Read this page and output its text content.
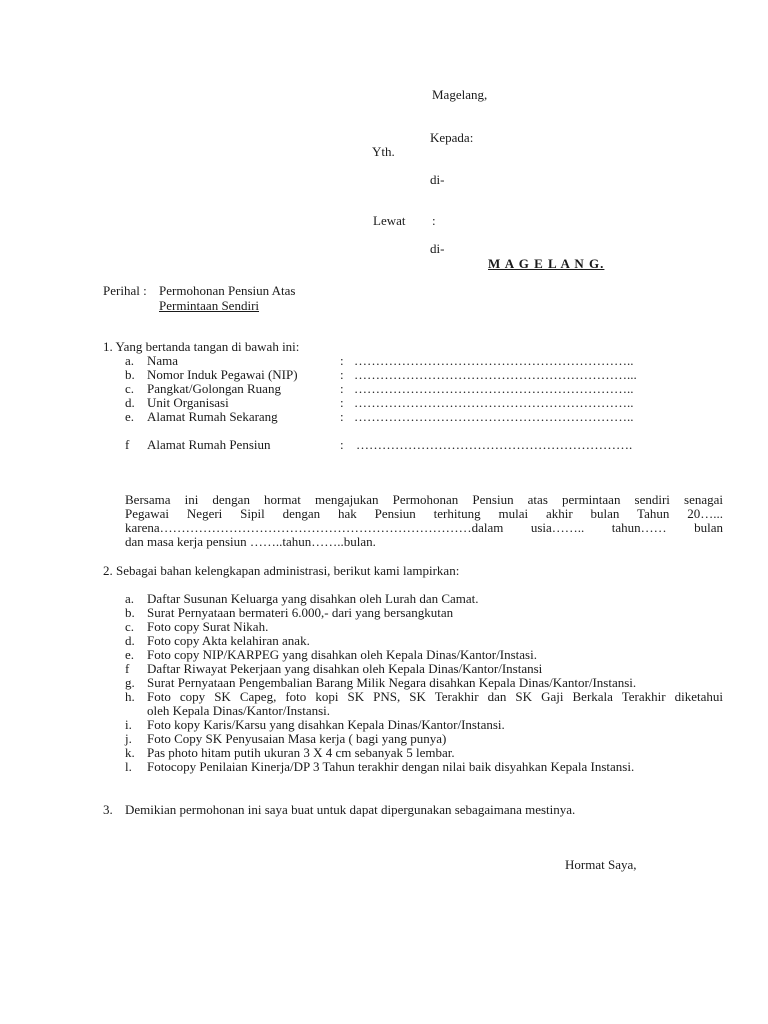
Magelang,
Kepada:
Yth.
di-
Lewat :
di-
M A G E L A N G.
Perihal : Permohonan Pensiun Atas
Permintaan Sendiri
1. Yang bertanda tangan di bawah ini:
a. Nama	: ………………………………………………………..
b. Nomor Induk Pegawai (NIP)	: ………………………………………………………...
c. Pangkat/Golongan Ruang	: ………………………………………………………..
d. Unit Organisasi	: ………………………………………………………..
e. Alamat Rumah Sekarang	: ………………………………………………………..
f Alamat Rumah Pensiun	: ……………………………………………………….
Bersama ini dengan hormat mengajukan Permohonan Pensiun atas permintaan sendiri senagai
Pegawai Negeri Sipil dengan hak Pensiun terhitung mulai akhir bulan Tahun 20…...
karena………………………………………………………………dalam usia…….. tahun…… bulan
dan masa kerja pensiun ……..tahun……..bulan.
2. Sebagai bahan kelengkapan administrasi, berikut kami lampirkan:
a. Daftar Susunan Keluarga yang disahkan oleh Lurah dan Camat.
b. Surat Pernyataan bermateri 6.000,- dari yang bersangkutan
c. Foto copy Surat Nikah.
d. Foto copy Akta kelahiran anak.
e. Foto copy NIP/KARPEG yang disahkan oleh Kepala Dinas/Kantor/Instasi.
f Daftar Riwayat Pekerjaan yang disahkan oleh Kepala Dinas/Kantor/Instansi
g. Surat Pernyataan Pengembalian Barang Milik Negara disahkan Kepala Dinas/Kantor/Instansi.
h. Foto copy SK Capeg, foto kopi SK PNS, SK Terakhir dan SK Gaji Berkala Terakhir diketahui
oleh Kepala Dinas/Kantor/Instansi.
i. Foto kopy Karis/Karsu yang disahkan Kepala Dinas/Kantor/Instansi.
j. Foto Copy SK Penyusaian Masa kerja ( bagi yang punya)
k. Pas photo hitam putih ukuran 3 X 4 cm sebanyak 5 lembar.
l. Fotocopy Penilaian Kinerja/DP 3 Tahun terakhir dengan nilai baik disyahkan Kepala Instansi.
3. Demikian permohonan ini saya buat untuk dapat dipergunakan sebagaimana mestinya.
Hormat Saya,
